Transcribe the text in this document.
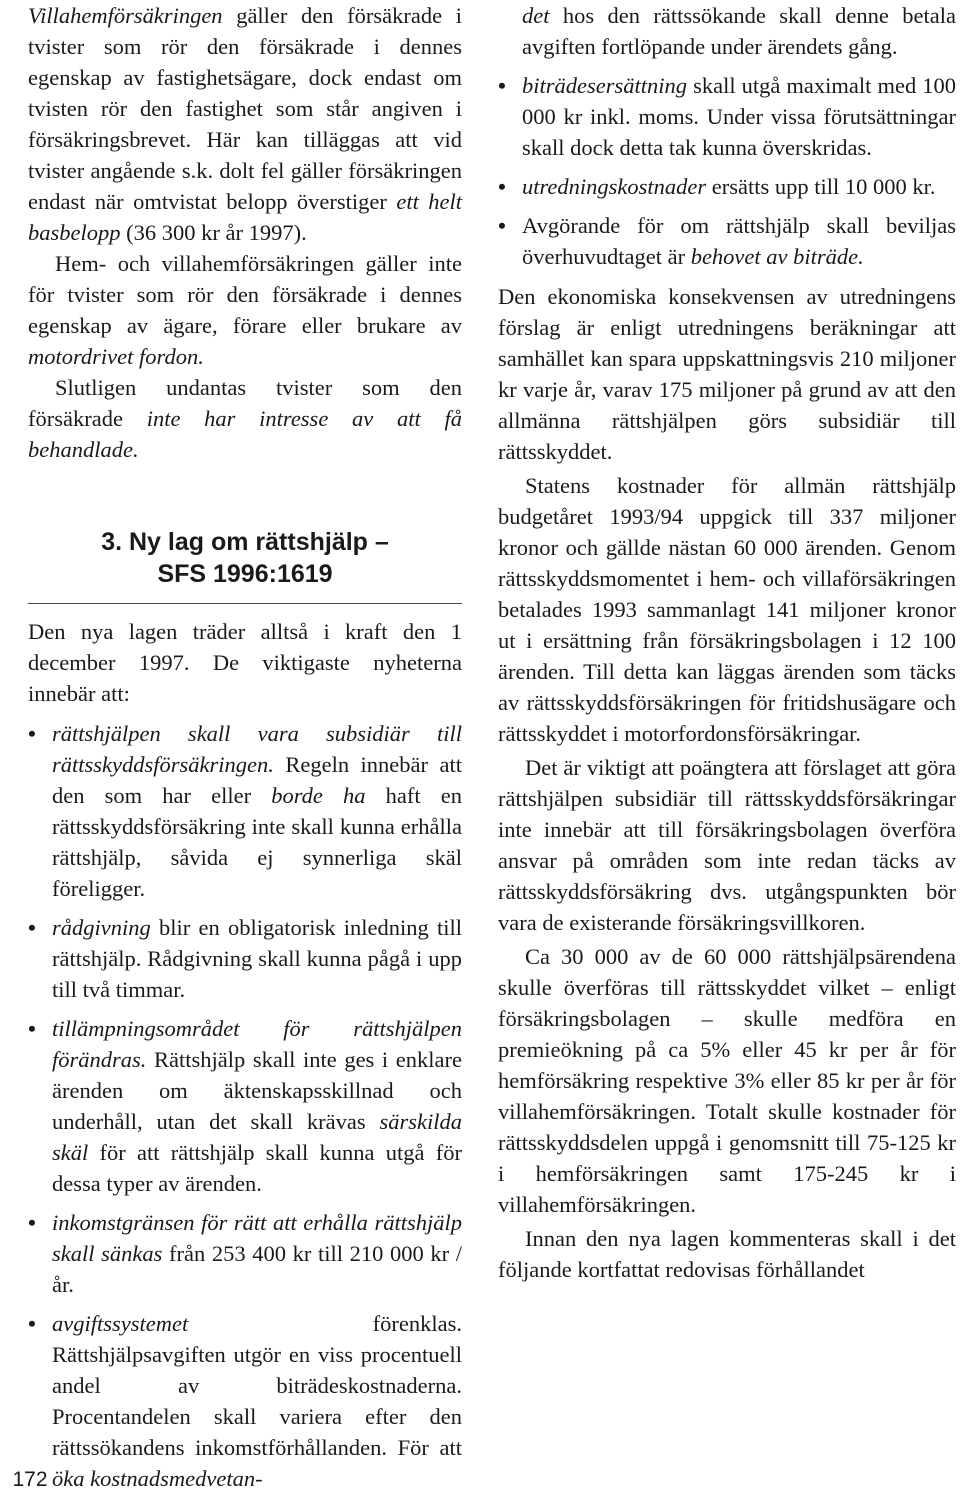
Villahemförsäkringen gäller den försäkrade i tvister som rör den försäkrade i dennes egenskap av fastighetsägare, dock endast om tvisten rör den fastighet som står angiven i försäkringsbrevet. Här kan tilläggas att vid tvister angående s.k. dolt fel gäller försäkringen endast när omtvistat belopp överstiger ett helt basbelopp (36 300 kr år 1997).

Hem- och villahemförsäkringen gäller inte för tvister som rör den försäkrade i dennes egenskap av ägare, förare eller brukare av motordrivet fordon.

Slutligen undantas tvister som den försäkrade inte har intresse av att få behandlade.

3. Ny lag om rättshjälp –
SFS 1996:1619

Den nya lagen träder alltså i kraft den 1 december 1997. De viktigaste nyheterna innebär att:

• rättshjälpen skall vara subsidiär till rättsskyddsförsäkringen. Regeln innebär att den som har eller borde ha haft en rättsskyddsförsäkring inte skall kunna erhålla rättshjälp, såvida ej synnerliga skäl föreligger.
• rådgivning blir en obligatorisk inledning till rättshjälp. Rådgivning skall kunna pågå i upp till två timmar.
• tillämpningsområdet för rättshjälpen förändras. Rättshjälp skall inte ges i enklare ärenden om äktenskapsskillnad och underhåll, utan det skall krävas särskilda skäl för att rättshjälp skall kunna utgå för dessa typer av ärenden.
• inkomstgränsen för rätt att erhålla rättshjälp skall sänkas från 253 400 kr till 210 000 kr /år.
• avgiftssystemet förenklas. Rättshjälpsavgiften utgör en viss procentuell andel av biträdeskostnaderna. Procentandelen skall variera efter den rättssökandens inkomstförhållanden. För att öka kostnadsmedvetan-
det hos den rättssökande skall denne betala avgiften fortlöpande under ärendets gång.
• biträdesersättning skall utgå maximalt med 100 000 kr inkl. moms. Under vissa förutsättningar skall dock detta tak kunna överskridas.
• utredningskostnader ersätts upp till 10 000 kr.
• Avgörande för om rättshjälp skall beviljas överhuvudtaget är behovet av biträde.

Den ekonomiska konsekvensen av utredningens förslag är enligt utredningens beräkningar att samhället kan spara uppskattningsvis 210 miljoner kr varje år, varav 175 miljoner på grund av att den allmänna rättshjälpen görs subsidiär till rättsskyddet.

Statens kostnader för allmän rättshjälp budgetåret 1993/94 uppgick till 337 miljoner kronor och gällde nästan 60 000 ärenden. Genom rättsskyddsmomentet i hem- och villaförsäkringen betalades 1993 sammanlagt 141 miljoner kronor ut i ersättning från försäkringsbolagen i 12 100 ärenden. Till detta kan läggas ärenden som täcks av rättsskyddsförsäkringen för fritidshusägare och rättsskyddet i motorfordonsförsäkringar.

Det är viktigt att poängtera att förslaget att göra rättshjälpen subsidiär till rättsskyddsförsäkringar inte innebär att till försäkringsbolagen överföra ansvar på områden som inte redan täcks av rättsskyddsförsäkring dvs. utgångspunkten bör vara de existerande försäkringsvillkoren.

Ca 30 000 av de 60 000 rättshjälpsärendena skulle överföras till rättsskyddet vilket – enligt försäkringsbolagen – skulle medföra en premieökning på ca 5% eller 45 kr per år för hemförsäkring respektive 3% eller 85 kr per år för villahemförsäkringen. Totalt skulle kostnader för rättsskyddsdelen uppgå i genomsnitt till 75-125 kr i hemförsäkringen samt 175-245 kr i villahemförsäkringen.

Innan den nya lagen kommenteras skall i det följande kortfattat redovisas förhållandet

172
